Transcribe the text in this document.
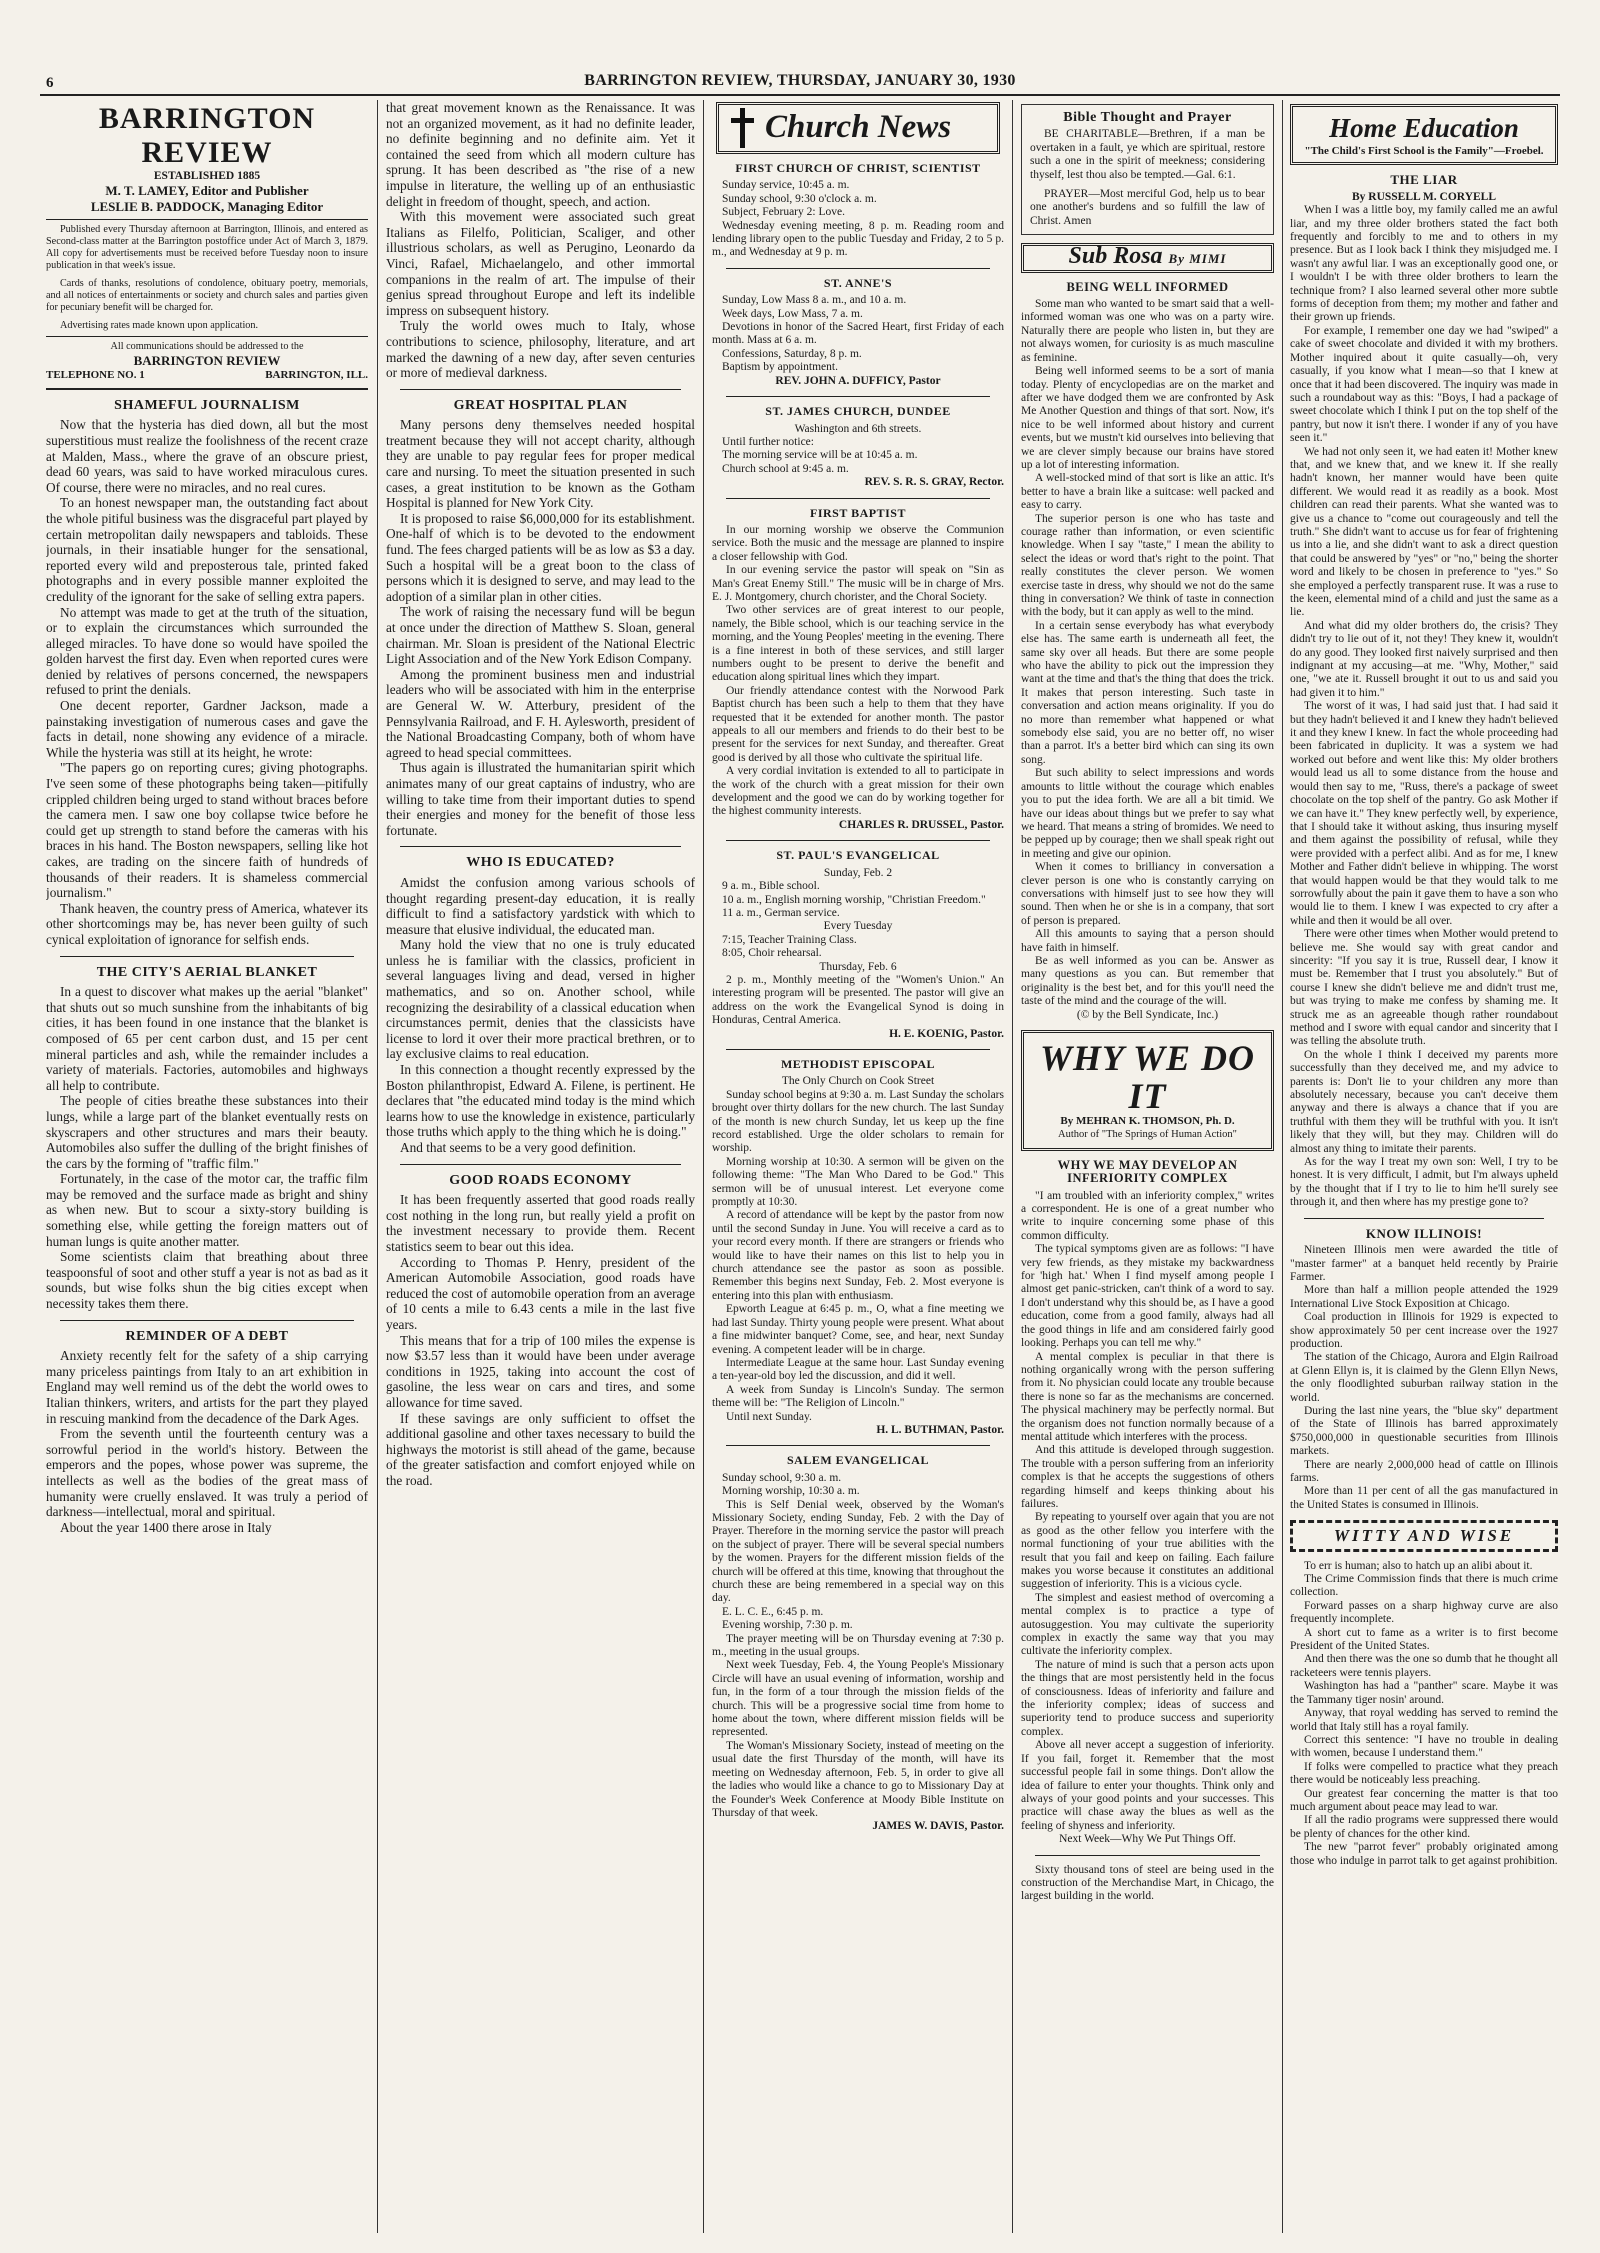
6	BARRINGTON REVIEW, THURSDAY, JANUARY 30, 1930
BARRINGTON REVIEW
ESTABLISHED 1885
M. T. LAMEY, Editor and Publisher
LESLIE B. PADDOCK, Managing Editor

Published every Thursday afternoon at Barrington, Illinois, and entered as Second-class matter at the Barrington postoffice under Act of March 3, 1879. All copy for advertisements must be received before Tuesday noon to insure publication in that week's issue.

Cards of thanks, resolutions of condolence, obituary poetry, memorials, and all notices of entertainments or society and church sales and parties given for pecuniary benefit will be charged for.

Advertising rates made known upon application.

All communications should be addressed to the
BARRINGTON REVIEW
TELEPHONE NO. 1	BARRINGTON, ILL.
SHAMEFUL JOURNALISM

Now that the hysteria has died down, all but the most superstitious must realize the foolishness of the recent craze at Malden, Mass., where the grave of an obscure priest, dead 60 years, was said to have worked miraculous cures. Of course, there were no miracles, and no real cures.

To an honest newspaper man, the outstanding fact about the whole pitiful business was the disgraceful part played by certain metropolitan daily newspapers and tabloids. These journals, in their insatiable hunger for the sensational, reported every wild and preposterous tale, printed faked photographs and in every possible manner exploited the credulity of the ignorant for the sake of selling extra papers.

No attempt was made to get at the truth of the situation, or to explain the circumstances which surrounded the alleged miracles. To have done so would have spoiled the golden harvest the first day. Even when reported cures were denied by relatives of persons concerned, the newspapers refused to print the denials.

One decent reporter, Gardner Jackson, made a painstaking investigation of numerous cases and gave the facts in detail, none showing any evidence of a miracle. While the hysteria was still at its height, he wrote:

"The papers go on reporting cures; giving photographs. I've seen some of these photographs being taken—pitifully crippled children being urged to stand without braces before the camera men. I saw one boy collapse twice before he could get up strength to stand before the cameras with his braces in his hand. The Boston newspapers, selling like hot cakes, are trading on the sincere faith of hundreds of thousands of their readers. It is shameless commercial journalism."

Thank heaven, the country press of America, whatever its other shortcomings may be, has never been guilty of such cynical exploitation of ignorance for selfish ends.

THE CITY'S AERIAL BLANKET

In a quest to discover what makes up the aerial "blanket" that shuts out so much sunshine from the inhabitants of big cities, it has been found in one instance that the blanket is composed of 65 per cent carbon dust, and 15 per cent mineral particles and ash, while the remainder includes a variety of materials. Factories, automobiles and highways all help to contribute.

The people of cities breathe these substances into their lungs, while a large part of the blanket eventually rests on skyscrapers and other structures and mars their beauty. Automobiles also suffer the dulling of the bright finishes of the cars by the forming of "traffic film."

Fortunately, in the case of the motor car, the traffic film may be removed and the surface made as bright and shiny as when new. But to scour a sixty-story building is something else, while getting the foreign matters out of human lungs is quite another matter.

Some scientists claim that breathing about three teaspoonsful of soot and other stuff a year is not as bad as it sounds, but wise folks shun the big cities except when necessity takes them there.

REMINDER OF A DEBT

Anxiety recently felt for the safety of a ship carrying many priceless paintings from Italy to an art exhibition in England may well remind us of the debt the world owes to Italian thinkers, writers, and artists for the part they played in rescuing mankind from the decadence of the Dark Ages.

From the seventh until the fourteenth century was a sorrowful period in the world's history. Between the emperors and the popes, whose power was supreme, the intellects as well as the bodies of the great mass of humanity were cruelly enslaved. It was truly a period of darkness—intellectual, moral and spiritual.

About the year 1400 there arose in Italy

that great movement known as the Renaissance. It was not an organized movement, as it had no definite leader, no definite beginning and no definite aim. Yet it contained the seed from which all modern culture has sprung. It has been described as "the rise of a new impulse in literature, the welling up of an enthusiastic delight in freedom of thought, speech, and action.

With this movement were associated such great Italians as Filelfo, Politician, Scaliger, and other illustrious scholars, as well as Perugino, Leonardo da Vinci, Rafael, Michaelangelo, and other immortal companions in the realm of art. The impulse of their genius spread throughout Europe and left its indelible impress on subsequent history.

Truly the world owes much to Italy, whose contributions to science, philosophy, literature, and art marked the dawning of a new day, after seven centuries or more of medieval darkness.

GREAT HOSPITAL PLAN

Many persons deny themselves needed hospital treatment because they will not accept charity, although they are unable to pay regular fees for proper medical care and nursing. To meet the situation presented in such cases, a great institution to be known as the Gotham Hospital is planned for New York City.

It is proposed to raise $6,000,000 for its establishment. One-half of which is to be devoted to the endowment fund. The fees charged patients will be as low as $3 a day. Such a hospital will be a great boon to the class of persons which it is designed to serve, and may lead to the adoption of a similar plan in other cities.

The work of raising the necessary fund will be begun at once under the direction of Matthew S. Sloan, general chairman. Mr. Sloan is president of the National Electric Light Association and of the New York Edison Company.

Among the prominent business men and industrial leaders who will be associated with him in the enterprise are General W. W. Atterbury, president of the Pennsylvania Railroad, and F. H. Aylesworth, president of the National Broadcasting Company, both of whom have agreed to head special committees.

Thus again is illustrated the humanitarian spirit which animates many of our great captains of industry, who are willing to take time from their important duties to spend their energies and money for the benefit of those less fortunate.

WHO IS EDUCATED?

Amidst the confusion among various schools of thought regarding present-day education, it is really difficult to find a satisfactory yardstick with which to measure that elusive individual, the educated man.

Many hold the view that no one is truly educated unless he is familiar with the classics, proficient in several languages living and dead, versed in higher mathematics, and so on. Another school, while recognizing the desirability of a classical education when circumstances permit, denies that the classicists have license to lord it over their more practical brethren, or to lay exclusive claims to real education.

In this connection a thought recently expressed by the Boston philanthropist, Edward A. Filene, is pertinent. He declares that "the educated mind today is the mind which learns how to use the knowledge in existence, particularly those truths which apply to the thing which he is doing."

And that seems to be a very good definition.

GOOD ROADS ECONOMY

It has been frequently asserted that good roads really cost nothing in the long run, but really yield a profit on the investment necessary to provide them. Recent statistics seem to bear out this idea.

According to Thomas P. Henry, president of the American Automobile Association, good roads have reduced the cost of automobile operation from an average of 10 cents a mile to 6.43 cents a mile in the last five years.

This means that for a trip of 100 miles the expense is now $3.57 less than it would have been under average conditions in 1925, taking into account the cost of gasoline, the less wear on cars and tires, and some allowance for time saved.

If these savings are only sufficient to offset the additional gasoline and other taxes necessary to build the highways the motorist is still ahead of the game, because of the greater satisfaction and comfort enjoyed while on the road.

Church News
FIRST CHURCH OF CHRIST, SCIENTIST
Sunday service, 10:45 a. m.
Sunday school, 9:30 o'clock a. m.
Subject, February 2: Love.
Wednesday evening meeting, 8 p. m. Reading room and lending library open to the public Tuesday and Friday, 2 to 5 p. m., and Wednesday at 9 p. m.
ST. ANNE'S
Sunday, Low Mass 8 a. m., and 10 a. m.
Week days, Low Mass, 7 a. m.
Devotions in honor of the Sacred Heart, first Friday of each month. Mass at 6 a. m.
Confessions, Saturday, 8 p. m.
Baptism by appointment.
REV. JOHN A. DUFFICY, Pastor
ST. JAMES CHURCH, DUNDEE
Washington and 6th streets.
Until further notice:
The morning service will be at 10:45 a. m.
Church school at 9:45 a. m.
REV. S. R. S. GRAY, Rector.
FIRST BAPTIST

In our morning worship we observe the Communion service. Both the music and the message are planned to inspire a closer fellowship with God.

In our evening service the pastor will speak on "Sin as Man's Great Enemy Still." The music will be in charge of Mrs. E. J. Montgomery, church chorister, and the Choral Society.

Two other services are of great interest to our people, namely, the Bible school, which is our teaching service in the morning, and the Young Peoples' meeting in the evening. There is a fine interest in both of these services, and still larger numbers ought to be present to derive the benefit and education along spiritual lines which they impart.

Our friendly attendance contest with the Norwood Park Baptist church has been such a help to them that they have requested that it be extended for another month. The pastor appeals to all our members and friends to do their best to be present for the services for next Sunday, and thereafter. Great good is derived by all those who cultivate the spiritual life.

A very cordial invitation is extended to all to participate in the work of the church with a great mission for their own development and the good we can do by working together for the highest community interests.

CHARLES R. DRUSSEL, Pastor.
ST. PAUL'S EVANGELICAL
Sunday, Feb. 2
9 a. m., Bible school.
10 a. m., English morning worship, "Christian Freedom."
11 a. m., German service.
Every Tuesday
7:15, Teacher Training Class.
8:05, Choir rehearsal.
Thursday, Feb. 6

2 p. m., Monthly meeting of the "Women's Union." An interesting program will be presented. The pastor will give an address on the work the Evangelical Synod is doing in Honduras, Central America.

H. E. KOENIG, Pastor.
METHODIST EPISCOPAL
The Only Church on Cook Street

Sunday school begins at 9:30 a. m. Last Sunday the scholars brought over thirty dollars for the new church. The last Sunday of the month is new church Sunday, let us keep up the fine record established. Urge the older scholars to remain for worship.

Morning worship at 10:30. A sermon will be given on the following theme: "The Man Who Dared to be God." This sermon will be of unusual interest. Let everyone come promptly at 10:30.

A record of attendance will be kept by the pastor from now until the second Sunday in June. You will receive a card as to your record every month. If there are strangers or friends who would like to have their names on this list to help you in church attendance see the pastor as soon as possible. Remember this begins next Sunday, Feb. 2. Most everyone is entering into this plan with enthusiasm.

Epworth League at 6:45 p. m., O, what a fine meeting we had last Sunday. Thirty young people were present. What about a fine midwinter banquet? Come, see, and hear, next Sunday evening. A competent leader will be in charge.

Intermediate League at the same hour. Last Sunday evening a ten-year-old boy led the discussion, and did it well.

A week from Sunday is Lincoln's Sunday. The sermon theme will be: "The Religion of Lincoln."

Until next Sunday.

H. L. BUTHMAN, Pastor.
SALEM EVANGELICAL
Sunday school, 9:30 a. m.
Morning worship, 10:30 a. m.

This is Self Denial week, observed by the Woman's Missionary Society, ending Sunday, Feb. 2 with the Day of Prayer. Therefore in the morning service the pastor will preach on the subject of prayer. There will be several special numbers by the women. Prayers for the different mission fields of the church will be offered at this time, knowing that throughout the church these are being remembered in a special way on this day.

E. L. C. E., 6:45 p. m.
Evening worship, 7:30 p. m.

The prayer meeting will be on Thursday evening at 7:30 p. m., meeting in the usual groups.

Next week Tuesday, Feb. 4, the Young People's Missionary Circle will have an usual evening of information, worship and fun, in the form of a tour through the mission fields of the church. This will be a progressive social time from home to home about the town, where different mission fields will be represented.

The Woman's Missionary Society, instead of meeting on the usual date the first Thursday of the month, will have its meeting on Wednesday afternoon, Feb. 5, in order to give all the ladies who would like a chance to go to Missionary Day at the Founder's Week Conference at Moody Bible Institute on Thursday of that week.

JAMES W. DAVIS, Pastor.
Bible Thought and Prayer

BE CHARITABLE—Brethren, if a man be overtaken in a fault, ye which are spiritual, restore such a one in the spirit of meekness; considering thyself, lest thou also be tempted.—Gal. 6:1.

PRAYER—Most merciful God, help us to bear one another's burdens and so fulfill the law of Christ. Amen

Sub Rosa By MIMI
BEING WELL INFORMED

Some man who wanted to be smart said that a well-informed woman was one who was on a party wire. Naturally there are people who listen in, but they are not always women, for curiosity is as much masculine as feminine.

Being well informed seems to be a sort of mania today. Plenty of encyclopedias are on the market and after we have dodged them we are confronted by Ask Me Another Question and things of that sort. Now, it's nice to be well informed about history and current events, but we mustn't kid ourselves into believing that we are clever simply because our brains have stored up a lot of interesting information.

A well-stocked mind of that sort is like an attic. It's better to have a brain like a suitcase: well packed and easy to carry.

The superior person is one who has taste and courage rather than information, or even scientific knowledge. When I say "taste," I mean the ability to select the ideas or word that's right to the point. That really constitutes the clever person. We women exercise taste in dress, why should we not do the same thing in conversation? We think of taste in connection with the body, but it can apply as well to the mind.

In a certain sense everybody has what everybody else has. The same earth is underneath all feet, the same sky over all heads. But there are some people who have the ability to pick out the impression they want at the time and that's the thing that does the trick. It makes that person interesting. Such taste in conversation and action means originality. If you do no more than remember what happened or what somebody else said, you are no better off, no wiser than a parrot. It's a better bird which can sing its own song.

But such ability to select impressions and words amounts to little without the courage which enables you to put the idea forth. We are all a bit timid. We have our ideas about things but we prefer to say what we heard. That means a string of bromides. We need to be pepped up by courage; then we shall speak right out in meeting and give our opinion.

When it comes to brilliancy in conversation a clever person is one who is constantly carrying on conversations with himself just to see how they will sound. Then when he or she is in a company, that sort of person is prepared.

All this amounts to saying that a person should have faith in himself.

Be as well informed as you can be. Answer as many questions as you can. But remember that originality is the best bet, and for this you'll need the taste of the mind and the courage of the will.

(© by the Bell Syndicate, Inc.)
WHY WE DO IT
By MEHRAN K. THOMSON, Ph. D.
Author of "The Springs of Human Action"
WHY WE MAY DEVELOP AN INFERIORITY COMPLEX

"I am troubled with an inferiority complex," writes a correspondent. He is one of a great number who write to inquire concerning some phase of this common difficulty.

The typical symptoms given are as follows: "I have very few friends, as they mistake my backwardness for 'high hat.' When I find myself among people I almost get panic-stricken, can't think of a word to say. I don't understand why this should be, as I have a good education, come from a good family, always had all the good things in life and am considered fairly good looking. Perhaps you can tell me why."

A mental complex is peculiar in that there is nothing organically wrong with the person suffering from it. No physician could locate any trouble because there is none so far as the mechanisms are concerned. The physical machinery may be perfectly normal. But the organism does not function normally because of a mental attitude which interferes with the process.

And this attitude is developed through suggestion. The trouble with a person suffering from an inferiority complex is that he accepts the suggestions of others regarding himself and keeps thinking about his failures.

By repeating to yourself over again that you are not as good as the other fellow you interfere with the normal functioning of your true abilities with the result that you fail and keep on failing. Each failure makes you worse because it constitutes an additional suggestion of inferiority. This is a vicious cycle.

The simplest and easiest method of overcoming a mental complex is to practice a type of autosuggestion. You may cultivate the superiority complex in exactly the same way that you may cultivate the inferiority complex.

The nature of mind is such that a person acts upon the things that are most persistently held in the focus of consciousness. Ideas of inferiority and failure and the inferiority complex; ideas of success and superiority tend to produce success and superiority complex.

Above all never accept a suggestion of inferiority. If you fail, forget it. Remember that the most successful people fail in some things. Don't allow the idea of failure to enter your thoughts. Think only and always of your good points and your successes. This practice will chase away the blues as well as the feeling of shyness and inferiority.

Next Week—Why We Put Things Off.

Sixty thousand tons of steel are being used in the construction of the Merchandise Mart, in Chicago, the largest building in the world.

Home Education
"The Child's First School is the Family"—Froebel.
THE LIAR
By RUSSELL M. CORYELL

When I was a little boy, my family called me an awful liar, and my three older brothers stated the fact both frequently and forcibly to me and to others in my presence. But as I look back I think they misjudged me. I wasn't any awful liar. I was an exceptionally good one, or I wouldn't I be with three older brothers to learn the technique from? I also learned several other more subtle forms of deception from them; my mother and father and their grown up friends.

For example, I remember one day we had "swiped" a cake of sweet chocolate and divided it with my brothers. Mother inquired about it quite casually—oh, very casually, if you know what I mean—so that I knew at once that it had been discovered. The inquiry was made in such a roundabout way as this: "Boys, I had a package of sweet chocolate which I think I put on the top shelf of the pantry, but now it isn't there. I wonder if any of you have seen it."

We had not only seen it, we had eaten it! Mother knew that, and we knew that, and we knew it. If she really hadn't known, her manner would have been quite different. We would read it as readily as a book. Most children can read their parents. What she wanted was to give us a chance to "come out courageously and tell the truth." She didn't want to accuse us for fear of frightening us into a lie, and she didn't want to ask a direct question that could be answered by "yes" or "no," being the shorter word and likely to be chosen in preference to "yes." So she employed a perfectly transparent ruse. It was a ruse to the keen, elemental mind of a child and just the same as a lie.

And what did my older brothers do, the crisis? They didn't try to lie out of it, not they! They knew it, wouldn't do any good. They looked first naively surprised and then indignant at my accusing—at me. "Why, Mother," said one, "we ate it. Russell brought it out to us and said you had given it to him."

The worst of it was, I had said just that. I had said it but they hadn't believed it and I knew they hadn't believed it and they knew I knew. In fact the whole proceeding had been fabricated in duplicity. It was a system we had worked out before and went like this: My older brothers would lead us all to some distance from the house and would then say to me, "Russ, there's a package of sweet chocolate on the top shelf of the pantry. Go ask Mother if we can have it." They knew perfectly well, by experience, that I should take it without asking, thus insuring myself and them against the possibility of refusal, while they were provided with a perfect alibi. And as for me, I knew Mother and Father didn't believe in whipping. The worst that would happen would be that they would talk to me sorrowfully about the pain it gave them to have a son who would lie to them. I knew I was expected to cry after a while and then it would be all over.

There were other times when Mother would pretend to believe me. She would say with great candor and sincerity: "If you say it is true, Russell dear, I know it must be. Remember that I trust you absolutely." But of course I knew she didn't believe me and didn't trust me, but was trying to make me confess by shaming me. It struck me as an agreeable though rather roundabout method and I swore with equal candor and sincerity that I was telling the absolute truth.

On the whole I think I deceived my parents more successfully than they deceived me, and my advice to parents is: Don't lie to your children any more than absolutely necessary, because you can't deceive them anyway and there is always a chance that if you are truthful with them they will be truthful with you. It isn't likely that they will, but they may. Children will do almost any thing to imitate their parents.

As for the way I treat my own son: Well, I try to be honest. It is very difficult, I admit, but I'm always upheld by the thought that if I try to lie to him he'll surely see through it, and then where has my prestige gone to?

KNOW ILLINOIS!

Nineteen Illinois men were awarded the title of "master farmer" at a banquet held recently by Prairie Farmer.

More than half a million people attended the 1929 International Live Stock Exposition at Chicago.

Coal production in Illinois for 1929 is expected to show approximately 50 per cent increase over the 1927 production.

The station of the Chicago, Aurora and Elgin Railroad at Glenn Ellyn is, it is claimed by the Glenn Ellyn News, the only floodlighted suburban railway station in the world.

During the last nine years, the "blue sky" department of the State of Illinois has barred approximately $750,000,000 in questionable securities from Illinois markets.

There are nearly 2,000,000 head of cattle on Illinois farms.

More than 11 per cent of all the gas manufactured in the United States is consumed in Illinois.

WITTY AND WISE

To err is human; also to hatch up an alibi about it.

The Crime Commission finds that there is much crime collection.

Forward passes on a sharp highway curve are also frequently incomplete.

A short cut to fame as a writer is to first become President of the United States.

And then there was the one so dumb that he thought all racketeers were tennis players.

Washington has had a "panther" scare. Maybe it was the Tammany tiger nosin' around.

Anyway, that royal wedding has served to remind the world that Italy still has a royal family.

Correct this sentence: "I have no trouble in dealing with women, because I understand them."

If folks were compelled to practice what they preach there would be noticeably less preaching.

Our greatest fear concerning the matter is that too much argument about peace may lead to war.

If all the radio programs were suppressed there would be plenty of chances for the other kind.

The new "parrot fever" probably originated among those who indulge in parrot talk to get against prohibition.
